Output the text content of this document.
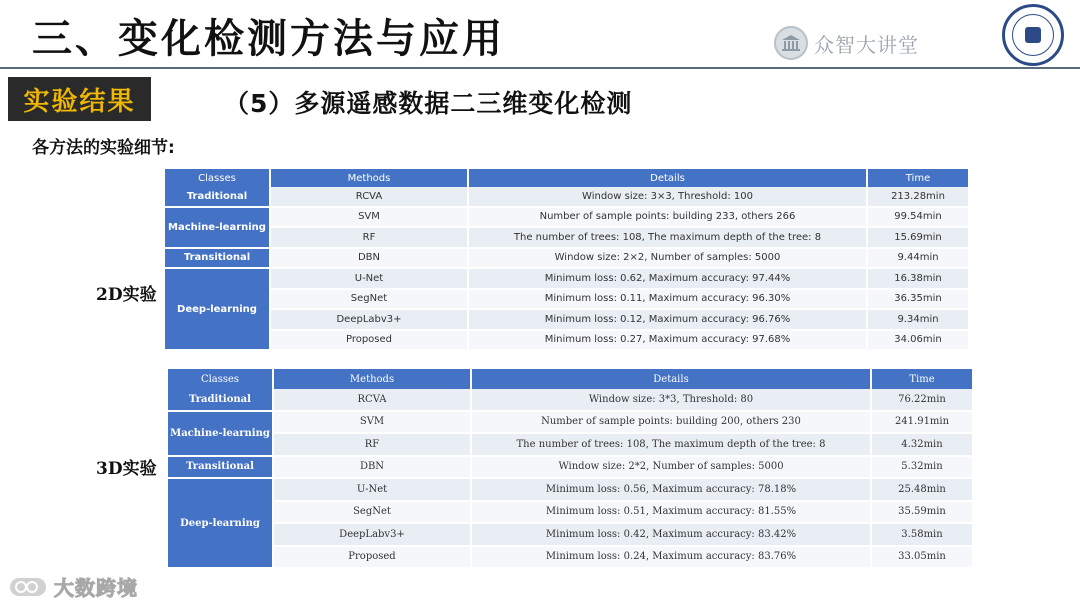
三、变化检测方法与应用	众智大讲堂
实验结果	（5）多源遥感数据二三维变化检测
各方法的实验细节:
2D实验
Classes	Methods	Details	Time
Traditional	RCVA	Window size: 3×3, Threshold: 100	213.28min
Machine-learning	SVM	Number of sample points: building 233, others 266	99.54min
	RF	The number of trees: 108, The maximum depth of the tree: 8	15.69min
Transitional	DBN	Window size: 2×2, Number of samples: 5000	9.44min
Deep-learning	U-Net	Minimum loss: 0.62, Maximum accuracy: 97.44%	16.38min
	SegNet	Minimum loss: 0.11, Maximum accuracy: 96.30%	36.35min
	DeepLabv3+	Minimum loss: 0.12, Maximum accuracy: 96.76%	9.34min
	Proposed	Minimum loss: 0.27, Maximum accuracy: 97.68%	34.06min
3D实验
Classes	Methods	Details	Time
Traditional	RCVA	Window size: 3*3, Threshold: 80	76.22min
Machine-learning	SVM	Number of sample points: building 200, others 230	241.91min
	RF	The number of trees: 108, The maximum depth of the tree: 8	4.32min
Transitional	DBN	Window size: 2*2, Number of samples: 5000	5.32min
Deep-learning	U-Net	Minimum loss: 0.56, Maximum accuracy: 78.18%	25.48min
	SegNet	Minimum loss: 0.51, Maximum accuracy: 81.55%	35.59min
	DeepLabv3+	Minimum loss: 0.42, Maximum accuracy: 83.42%	3.58min
	Proposed	Minimum loss: 0.24, Maximum accuracy: 83.76%	33.05min
大数跨境
